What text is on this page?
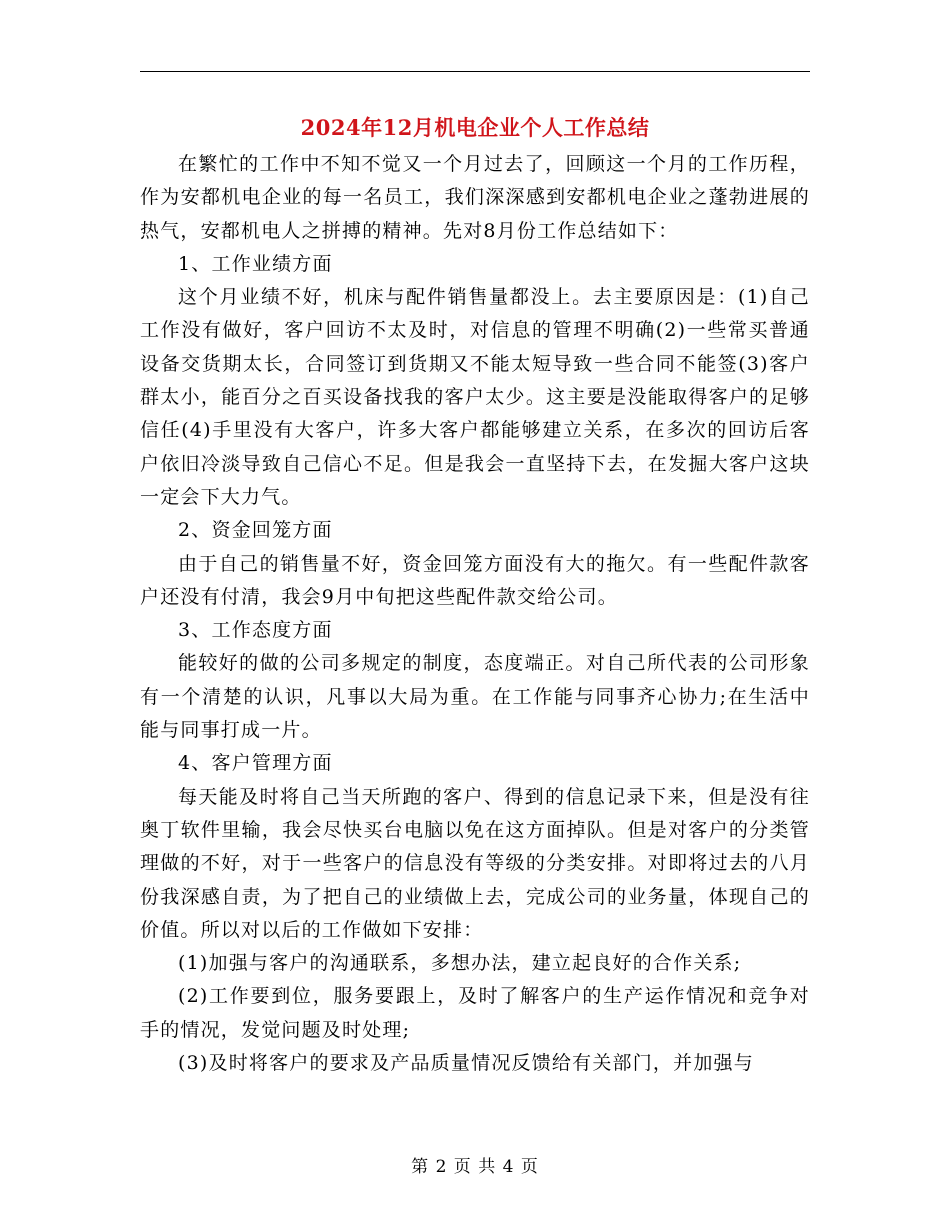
2024年12月机电企业个人工作总结

在繁忙的工作中不知不觉又一个月过去了，回顾这一个月的工作历程，作为安都机电企业的每一名员工，我们深深感到安都机电企业之蓬勃进展的热气，安都机电人之拼搏的精神。先对8月份工作总结如下：

1、工作业绩方面

这个月业绩不好，机床与配件销售量都没上。去主要原因是：(1)自己工作没有做好，客户回访不太及时，对信息的管理不明确(2)一些常买普通设备交货期太长，合同签订到货期又不能太短导致一些合同不能签(3)客户群太小，能百分之百买设备找我的客户太少。这主要是没能取得客户的足够信任(4)手里没有大客户，许多大客户都能够建立关系，在多次的回访后客户依旧冷淡导致自己信心不足。但是我会一直坚持下去，在发掘大客户这块一定会下大力气。

2、资金回笼方面

由于自己的销售量不好，资金回笼方面没有大的拖欠。有一些配件款客户还没有付清，我会9月中旬把这些配件款交给公司。

3、工作态度方面

能较好的做的公司多规定的制度，态度端正。对自己所代表的公司形象有一个清楚的认识，凡事以大局为重。在工作能与同事齐心协力;在生活中能与同事打成一片。

4、客户管理方面

每天能及时将自己当天所跑的客户、得到的信息记录下来，但是没有往奥丁软件里输，我会尽快买台电脑以免在这方面掉队。但是对客户的分类管理做的不好，对于一些客户的信息没有等级的分类安排。对即将过去的八月份我深感自责，为了把自己的业绩做上去，完成公司的业务量，体现自己的价值。所以对以后的工作做如下安排：

(1)加强与客户的沟通联系，多想办法，建立起良好的合作关系;

(2)工作要到位，服务要跟上，及时了解客户的生产运作情况和竞争对手的情况，发觉问题及时处理;

(3)及时将客户的要求及产品质量情况反馈给有关部门，并加强与

第 2 页 共 4 页
